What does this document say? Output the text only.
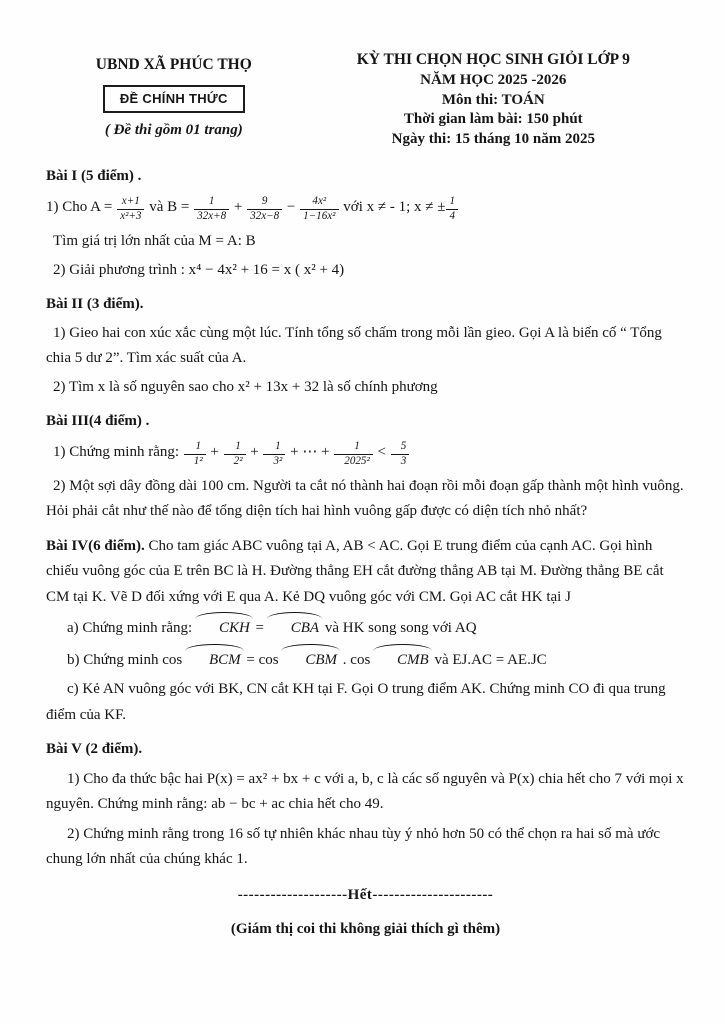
UBND XÃ PHÚC THỌ
ĐỀ CHÍNH THỨC
( Đề thi gồm 01 trang)
KỲ THI CHỌN HỌC SINH GIỎI LỚP 9
NĂM HỌC 2025 -2026
Môn thi: TOÁN
Thời gian làm bài: 150 phút
Ngày thi: 15 tháng 10 năm 2025
Bài I (5 điểm) .
1) Cho $A = \frac{x+1}{\text{x²+3}}$ và $B = \frac{1}{32x+8} + \frac{9}{32x-8} - \frac{\text{4x²}}{\text{1−16x²}}$ với x ≠ - 1; x ≠ ± $\frac{1}{4}$
Tìm giá trị lớn nhất của M = A: B
2) Giải phương trình : x⁴ − 4x² + 16 = x ( x² + 4)
Bài II (3 điểm).
1) Gieo hai con xúc xắc cùng một lúc. Tính tổng số chấm trong mỗi lần gieo. Gọi A là biến cố “ Tổng chia 5 dư 2”. Tìm xác suất của A.
2) Tìm x là số nguyên sao cho x² + 13x + 32 là số chính phương
Bài III(4 điểm) .
1) Chứng minh rằng: $\frac{1}{\text{1²}} + \frac{1}{\text{2²}} + \frac{1}{\text{3²}}$ + ⋯ + $\frac{1}{\text{2025²}} < \frac{5}{3}$
2) Một sợi dây đồng dài 100 cm. Người ta cắt nó thành hai đoạn rồi mỗi đoạn gấp thành một hình vuông. Hỏi phải cắt như thế nào để tổng diện tích hai hình vuông gấp được có diện tích nhỏ nhất?
Bài IV(6 điểm). Cho tam giác ABC vuông tại A, AB < AC. Gọi E trung điểm của cạnh AC. Gọi hình chiếu vuông góc của E trên BC là H. Đường thẳng EH cắt đường thẳng AB tại M. Đường thẳng BE cắt CM tại K. Vẽ D đối xứng với E qua A. Kẻ DQ vuông góc với CM. Gọi AC cắt HK tại J
a) Chứng minh rằng: CKH = CBA và HK song song với AQ
b) Chứng minh cos BCM = cos CBM . cos CMB và EJ.AC = AE.JC
c) Kẻ AN vuông góc với BK, CN cắt KH tại F. Gọi O trung điểm AK. Chứng minh CO đi qua trung điểm của KF.
Bài V (2 điểm).
1) Cho đa thức bậc hai P(x) = ax² + bx + c với a, b, c là các số nguyên và P(x) chia hết cho 7 với mọi x nguyên. Chứng minh rằng: ab − bc + ac chia hết cho 49.
2) Chứng minh rằng trong 16 số tự nhiên khác nhau tùy ý nhỏ hơn 50 có thể chọn ra hai số mà ước chung lớn nhất của chúng khác 1.
--------------------Hết----------------------
(Giám thị coi thi không giải thích gì thêm)
